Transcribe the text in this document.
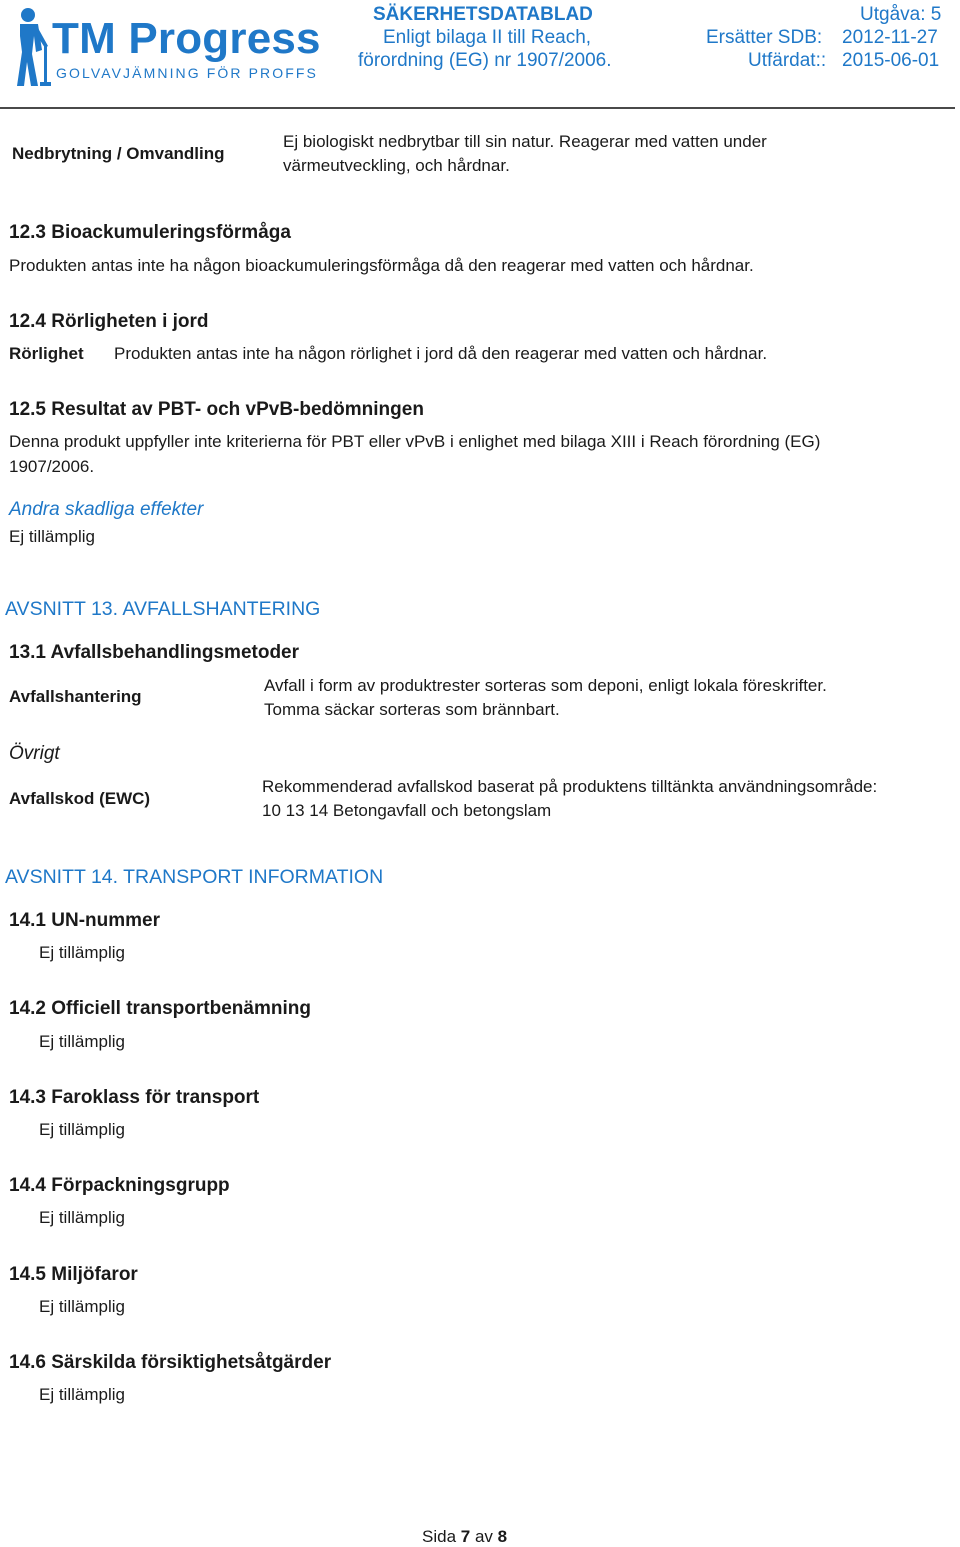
TM Progress
GOLVAVJÄMNING FÖR PROFFS
SÄKERHETSDATABLAD
Enligt bilaga II till Reach,
förordning (EG) nr 1907/2006.
Utgåva: 5
Ersätter SDB: 2012-11-27
Utfärdat:: 2015-06-01
Nedbrytning / Omvandling
Ej biologiskt nedbrytbar till sin natur. Reagerar med vatten under
värmeutveckling, och hårdnar.
12.3 Bioackumuleringsförmåga
Produkten antas inte ha någon bioackumuleringsförmåga då den reagerar med vatten och hårdnar.
12.4 Rörligheten i jord
Rörlighet Produkten antas inte ha någon rörlighet i jord då den reagerar med vatten och hårdnar.
12.5 Resultat av PBT- och vPvB-bedömningen
Denna produkt uppfyller inte kriterierna för PBT eller vPvB i enlighet med bilaga XIII i Reach förordning (EG)
1907/2006.
Andra skadliga effekter
Ej tillämplig
AVSNITT 13. AVFALLSHANTERING
13.1 Avfallsbehandlingsmetoder
Avfallshantering
Avfall i form av produktrester sorteras som deponi, enligt lokala föreskrifter.
Tomma säckar sorteras som brännbart.
Övrigt
Avfallskod (EWC)
Rekommenderad avfallskod baserat på produktens tilltänkta användningsområde:
10 13 14 Betongavfall och betongslam
AVSNITT 14. TRANSPORT INFORMATION
14.1 UN-nummer
Ej tillämplig
14.2 Officiell transportbenämning
Ej tillämplig
14.3 Faroklass för transport
Ej tillämplig
14.4 Förpackningsgrupp
Ej tillämplig
14.5 Miljöfaror
Ej tillämplig
14.6 Särskilda försiktighetsåtgärder
Ej tillämplig
Sida 7 av 8
